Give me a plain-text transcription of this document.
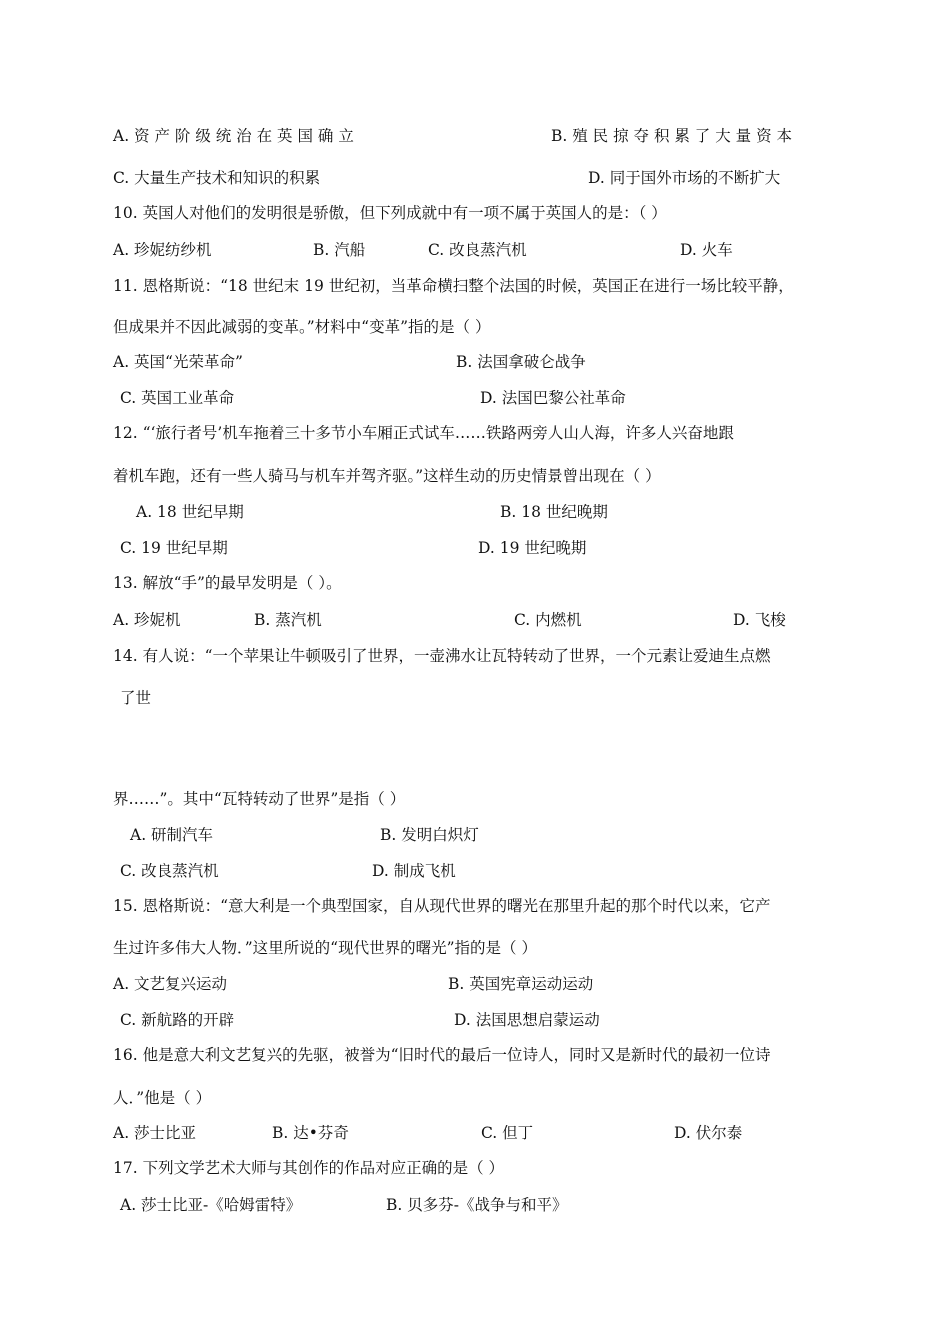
A. 资 产 阶 级 统 治 在 英 国 确 立	B. 殖 民 掠 夺 积 累 了 大 量 资 本
C. 大量生产技术和知识的积累	D. 同于国外市场的不断扩大
10. 英国人对他们的发明很是骄傲，但下列成就中有一项不属于英国人的是：（ ）
A. 珍妮纺纱机	B. 汽船	C. 改良蒸汽机	D. 火车
11. 恩格斯说：“18 世纪末 19 世纪初，当革命横扫整个法国的时候，英国正在进行一场比较平静，
但成果并不因此减弱的变革。”材料中“变革”指的是（ ）
A. 英国“光荣革命”	B. 法国拿破仑战争
C. 英国工业革命	D. 法国巴黎公社革命
12. “‘旅行者号’机车拖着三十多节小车厢正式试车……铁路两旁人山人海，许多人兴奋地跟
着机车跑，还有一些人骑马与机车并驾齐驱。”这样生动的历史情景曾出现在（ ）
A. 18 世纪早期	B. 18 世纪晚期
C. 19 世纪早期	D. 19 世纪晚期
13. 解放“手”的最早发明是（ ）。
A. 珍妮机	B. 蒸汽机	C. 内燃机	D. 飞梭
14. 有人说：“一个苹果让牛顿吸引了世界，一壶沸水让瓦特转动了世界，一个元素让爱迪生点燃
了世
界……”。其中“瓦特转动了世界”是指（ ）
A. 研制汽车	B. 发明白炽灯
C. 改良蒸汽机	D. 制成飞机
15. 恩格斯说：“意大利是一个典型国家，自从现代世界的曙光在那里升起的那个时代以来，它产
生过许多伟大人物．”这里所说的“现代世界的曙光”指的是（ ）
A. 文艺复兴运动	B. 英国宪章运动运动
C. 新航路的开辟	D. 法国思想启蒙运动
16. 他是意大利文艺复兴的先驱，被誉为“旧时代的最后一位诗人，同时又是新时代的最初一位诗
人．”他是（ ）
A. 莎士比亚	B. 达•芬奇	C. 但丁	D. 伏尔泰
17. 下列文学艺术大师与其创作的作品对应正确的是（ ）
A. 莎士比亚-《哈姆雷特》	B. 贝多芬-《战争与和平》
